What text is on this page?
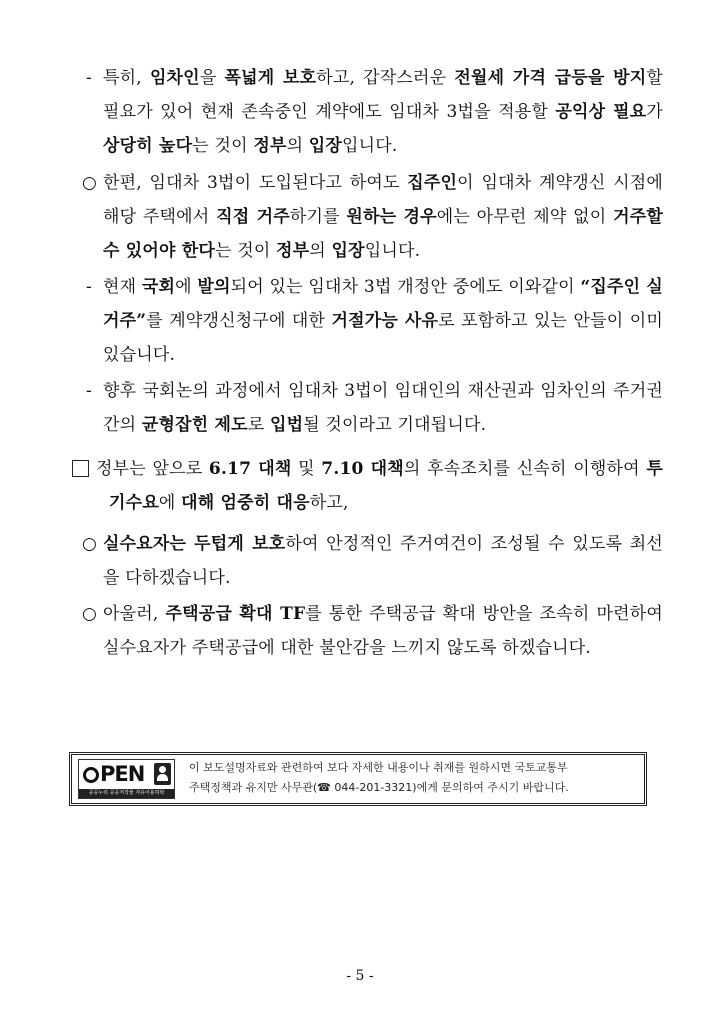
- 특히, 임차인을 폭넓게 보호하고, 갑작스러운 전월세 가격 급등을 방지할 필요가 있어 현재 존속중인 계약에도 임대차 3법을 적용할 공익상 필요가 상당히 높다는 것이 정부의 입장입니다.
○ 한편, 임대차 3법이 도입된다고 하여도 집주인이 임대차 계약갱신 시점에 해당 주택에서 직접 거주하기를 원하는 경우에는 아무런 제약 없이 거주할 수 있어야 한다는 것이 정부의 입장입니다.
- 현재 국회에 발의되어 있는 임대차 3법 개정안 중에도 이와같이 “집주인 실거주”를 계약갱신청구에 대한 거절가능 사유로 포함하고 있는 안들이 이미 있습니다.
- 향후 국회논의 과정에서 임대차 3법이 임대인의 재산권과 임차인의 주거권 간의 균형잡힌 제도로 입법될 것이라고 기대됩니다.
정부는 앞으로 6.17 대책 및 7.10 대책의 후속조치를 신속히 이행하여 투기수요에 대해 엄중히 대응하고,
○ 실수요자는 두텁게 보호하여 안정적인 주거여건이 조성될 수 있도록 최선을 다하겠습니다.
○ 아울러, 주택공급 확대 TF를 통한 주택공급 확대 방안을 조속히 마련하여 실수요자가 주택공급에 대한 불안감을 느끼지 않도록 하겠습니다.
PEN
공공누리 공공저작물 자유이용허락
이 보도설명자료와 관련하여 보다 자세한 내용이나 취재를 원하시면 국토교통부
주택정책과 유지만 사무관(☎ 044-201-3321)에게 문의하여 주시기 바랍니다.
- 5 -
